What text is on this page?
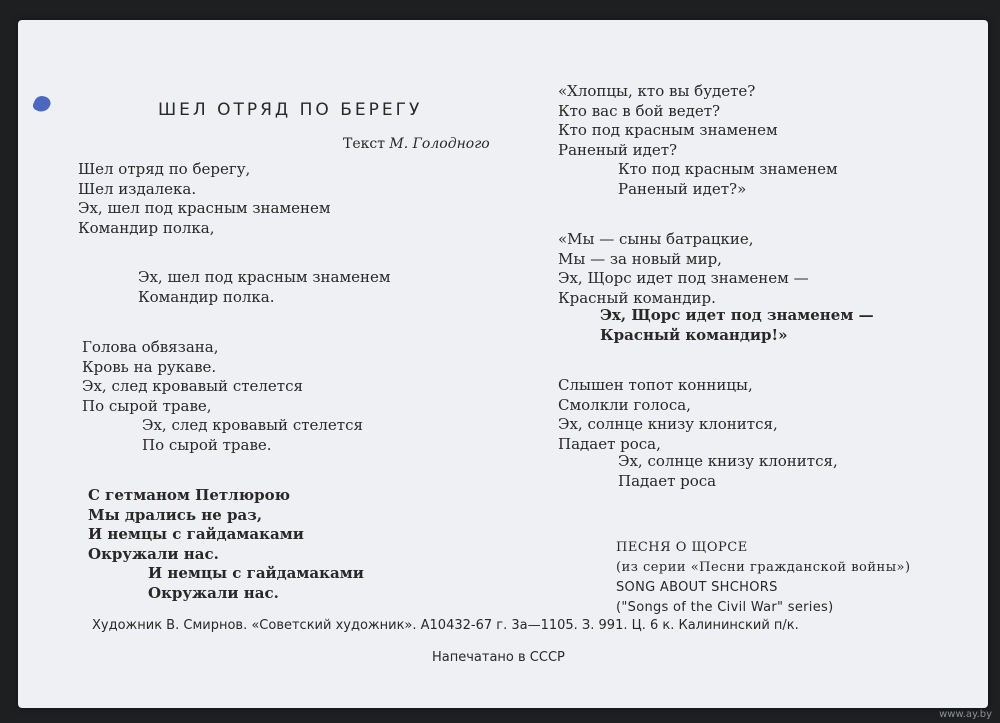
ШЕЛ ОТРЯД ПО БЕРЕГУ
Текст М. Голодного
Шел отряд по берегу,
Шел издалека.
Эх, шел под красным знаменем
Командир полка,
Эх, шел под красным знаменем
Командир полка.
Голова обвязана,
Кровь на рукаве.
Эх, след кровавый стелется
По сырой траве,
Эх, след кровавый стелется
По сырой траве.
С гетманом Петлюрою
Мы дрались не раз,
И немцы с гайдамаками
Окружали нас.
И немцы с гайдамаками
Окружали нас.
«Хлопцы, кто вы будете?
Кто вас в бой ведет?
Кто под красным знаменем
Раненый идет?
Кто под красным знаменем
Раненый идет?»
«Мы — сыны батрацкие,
Мы — за новый мир,
Эх, Щорс идет под знаменем —
Красный командир.
Эх, Щорс идет под знаменем —
Красный командир!»
Слышен топот конницы,
Смолкли голоса,
Эх, солнце книзу клонится,
Падает роса,
Эх, солнце книзу клонится,
Падает роса
ПЕСНЯ О ЩОРСЕ
(из серии «Песни гражданской войны»)
SONG ABOUT SHCHORS
("Songs of the Civil War" series)
Художник В. Смирнов. «Советский художник». А10432-67 г. 3а—1105. З. 991. Ц. 6 к. Калининский п/к.
Напечатано в СССР
www.ay.by
